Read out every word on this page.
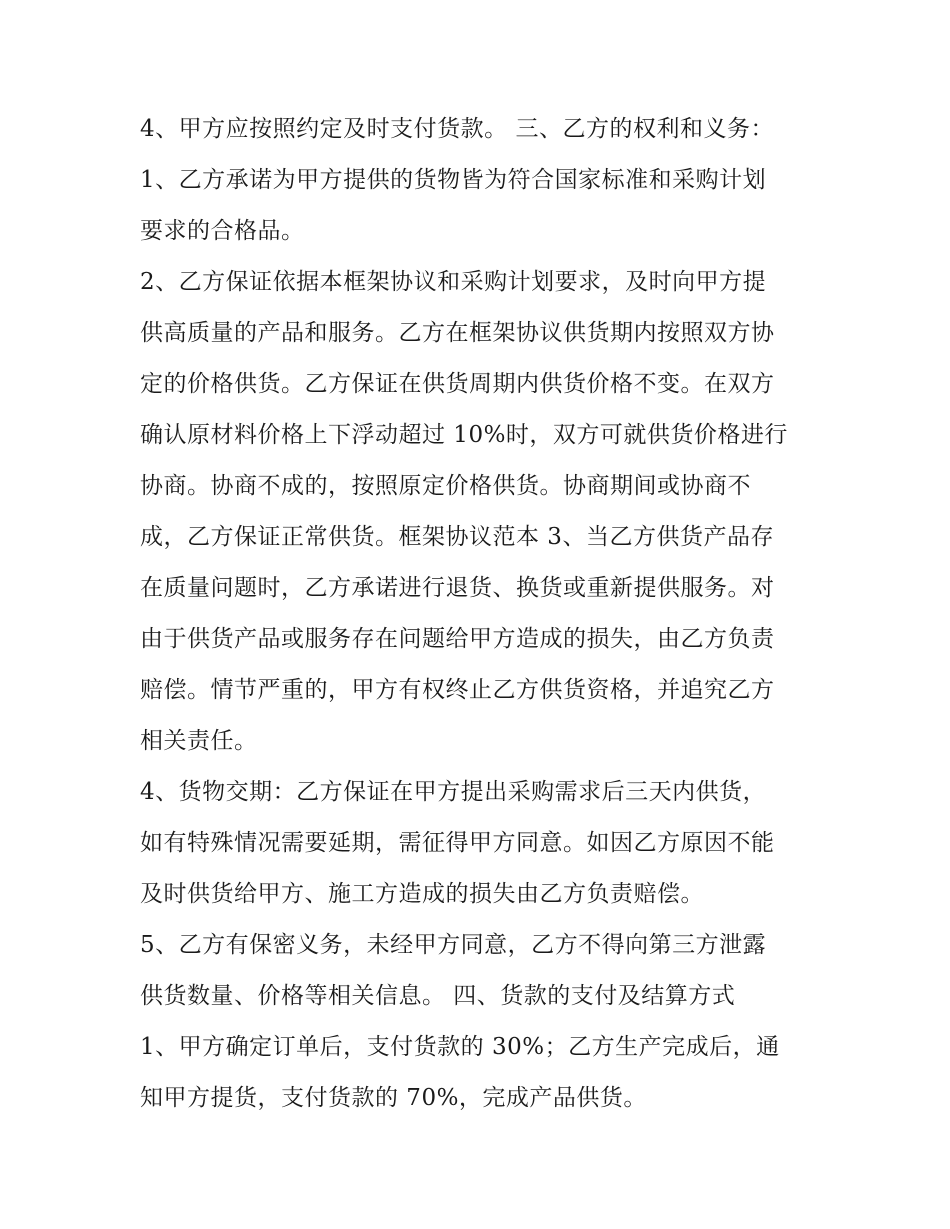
4、甲方应按照约定及时支付货款。 三、乙方的权利和义务：
1、乙方承诺为甲方提供的货物皆为符合国家标准和采购计划
要求的合格品。
2、乙方保证依据本框架协议和采购计划要求，及时向甲方提
供高质量的产品和服务。乙方在框架协议供货期内按照双方协
定的价格供货。乙方保证在供货周期内供货价格不变。在双方
确认原材料价格上下浮动超过 10%时，双方可就供货价格进行
协商。协商不成的，按照原定价格供货。协商期间或协商不
成，乙方保证正常供货。框架协议范本 3、当乙方供货产品存
在质量问题时，乙方承诺进行退货、换货或重新提供服务。对
由于供货产品或服务存在问题给甲方造成的损失，由乙方负责
赔偿。情节严重的，甲方有权终止乙方供货资格，并追究乙方
相关责任。
4、货物交期：乙方保证在甲方提出采购需求后三天内供货，
如有特殊情况需要延期，需征得甲方同意。如因乙方原因不能
及时供货给甲方、施工方造成的损失由乙方负责赔偿。
5、乙方有保密义务，未经甲方同意，乙方不得向第三方泄露
供货数量、价格等相关信息。 四、货款的支付及结算方式
1、甲方确定订单后，支付货款的 30%；乙方生产完成后，通
知甲方提货，支付货款的 70%，完成产品供货。
